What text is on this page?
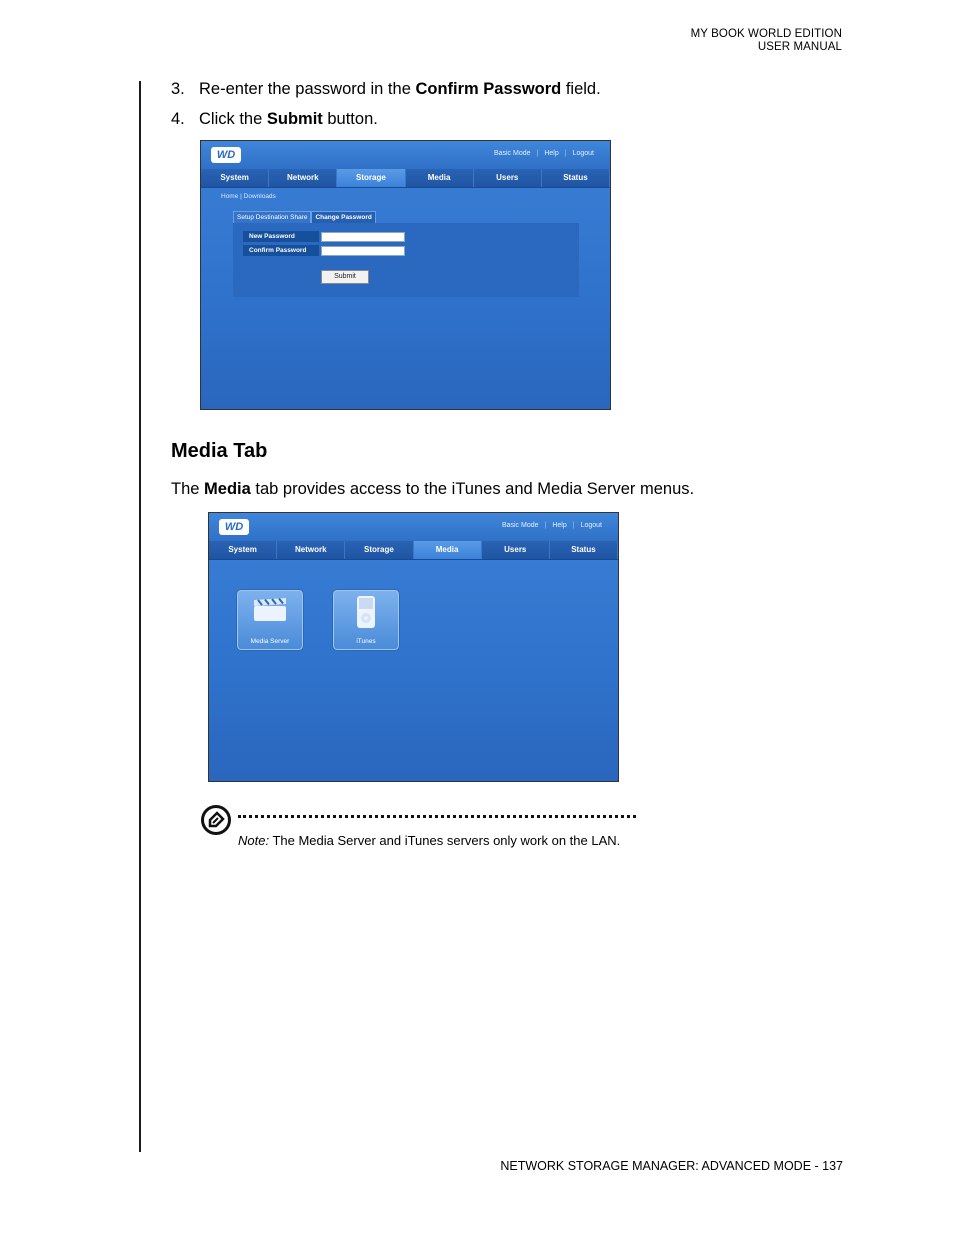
MY BOOK WORLD EDITION
USER MANUAL
3. Re-enter the password in the Confirm Password field.
4. Click the Submit button.
WD	Basic Mode | Help | Logout
System	Network	Storage	Media	Users	Status
Home | Downloads
Setup Destination Share	Change Password
New Password
Confirm Password
Submit
Media Tab
The Media tab provides access to the iTunes and Media Server menus.
WD	Basic Mode | Help | Logout
System	Network	Storage	Media	Users	Status
Media Server	iTunes
Note: The Media Server and iTunes servers only work on the LAN.
NETWORK STORAGE MANAGER: ADVANCED MODE - 137
